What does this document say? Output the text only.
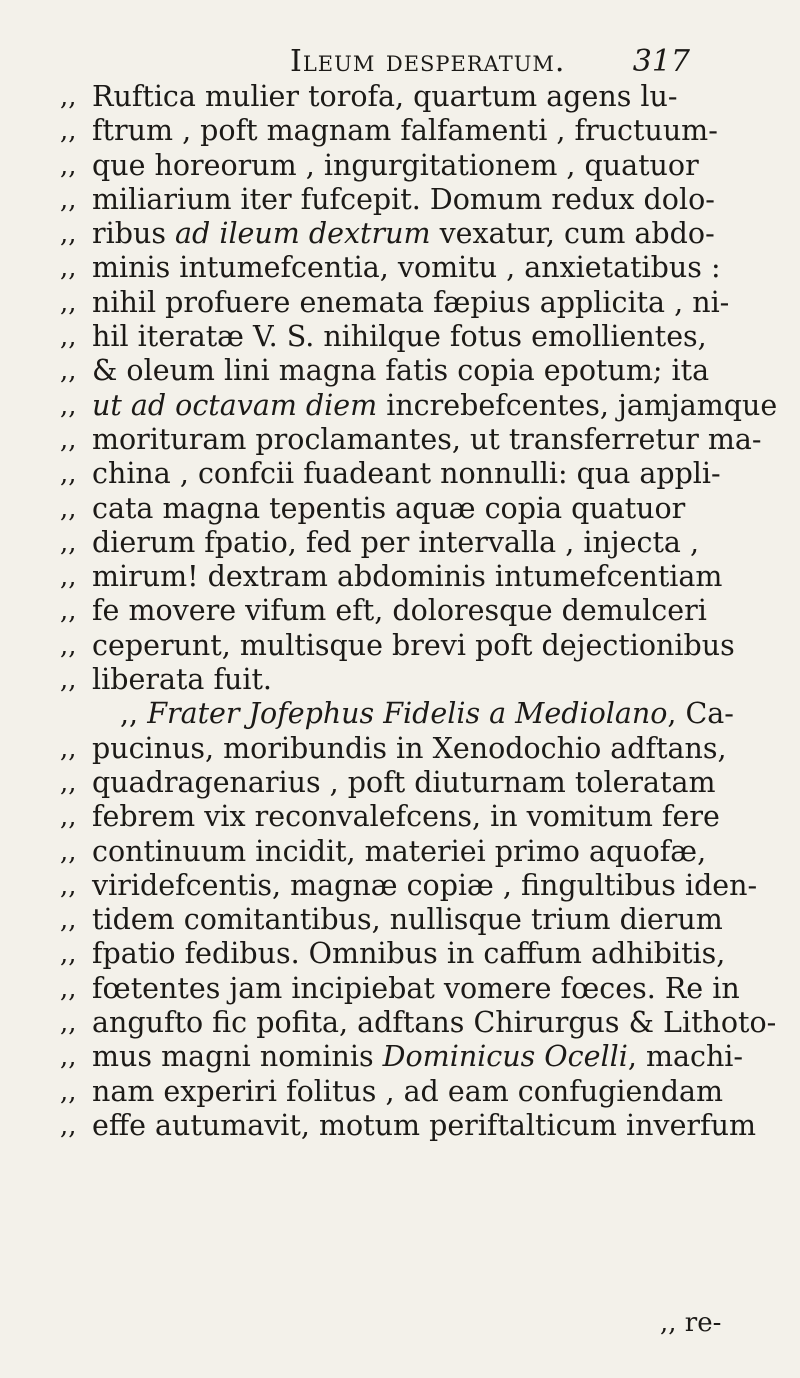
Ileum desperatum. 317
,, Ruftica mulier torofa, quartum agens lu-
,, ftrum , poft magnam falfamenti , fructuum-
,, que horeorum , ingurgitationem , quatuor
,, miliarium iter fufcepit. Domum redux dolo-
,, ribus ad ileum dextrum vexatur, cum abdo-
,, minis intumefcentia, vomitu , anxietatibus :
,, nihil profuere enemata fæpius applicita , ni-
,, hil iteratæ V. S. nihilque fotus emollientes,
,, & oleum lini magna fatis copia epotum; ita
,, ut ad octavam diem increbefcentes, jamjamque
,, morituram proclamantes, ut transferretur ma-
,, china , confcii fuadeant nonnulli: qua appli-
,, cata magna tepentis aquæ copia quatuor
,, dierum fpatio, fed per intervalla , injecta ,
,, mirum! dextram abdominis intumefcentiam
,, fe movere vifum eft, doloresque demulceri
,, ceperunt, multisque brevi poft dejectionibus
,, liberata fuit.
,, Frater Jofephus Fidelis a Mediolano, Ca-
,, pucinus, moribundis in Xenodochio adftans,
,, quadragenarius , poft diuturnam toleratam
,, febrem vix reconvalefcens, in vomitum fere
,, continuum incidit, materiei primo aquofæ,
,, viridefcentis, magnæ copiæ , fingultibus iden-
,, tidem comitantibus, nullisque trium dierum
,, fpatio fedibus. Omnibus in caffum adhibitis,
,, fœtentes jam incipiebat vomere fœces. Re in
,, angufto fic pofita, adftans Chirurgus & Lithoto-
,, mus magni nominis Dominicus Ocelli, machi-
,, nam experiri folitus , ad eam confugiendam
,, effe autumavit, motum periftalticum inverfum
,, re-
